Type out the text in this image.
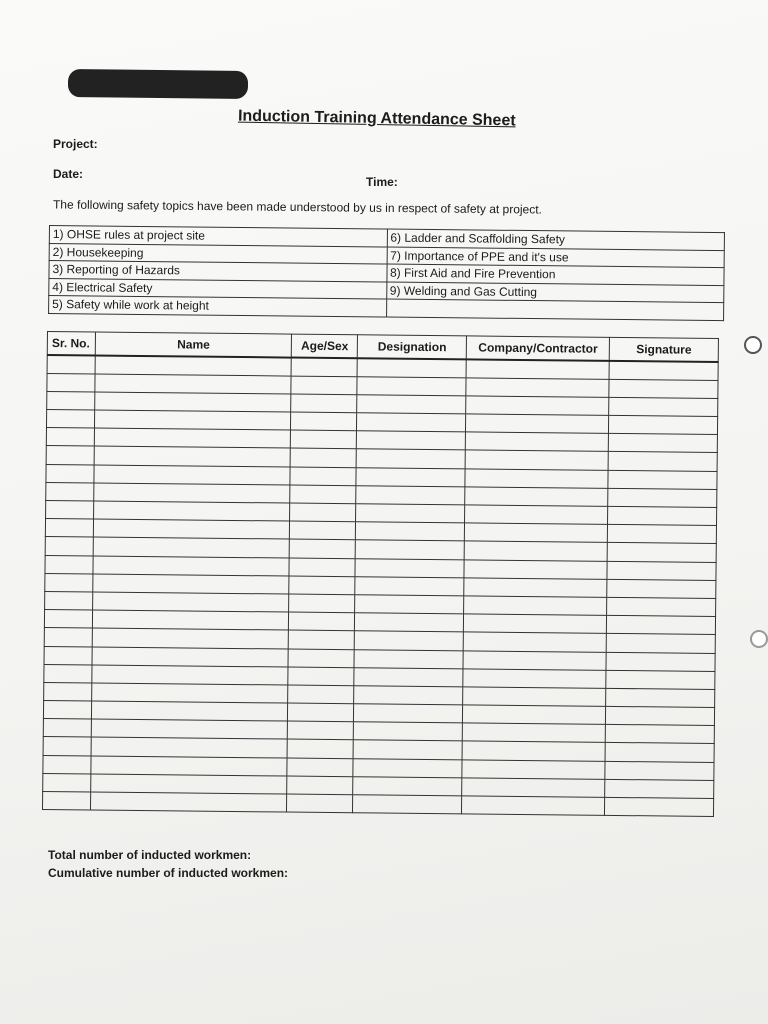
Induction Training Attendance Sheet
Project:
Date:
Time:
The following safety topics have been made understood by us in respect of safety at project.
1) OHSE rules at project site	6) Ladder and Scaffolding Safety
2) Housekeeping	7) Importance of PPE and it's use
3) Reporting of Hazards	8) First Aid and Fire Prevention
4) Electrical Safety	9) Welding and Gas Cutting
5) Safety while work at height	
Sr. No.	Name	Age/Sex	Designation	Company/Contractor	Signature

Total number of inducted workmen:
Cumulative number of inducted workmen:
